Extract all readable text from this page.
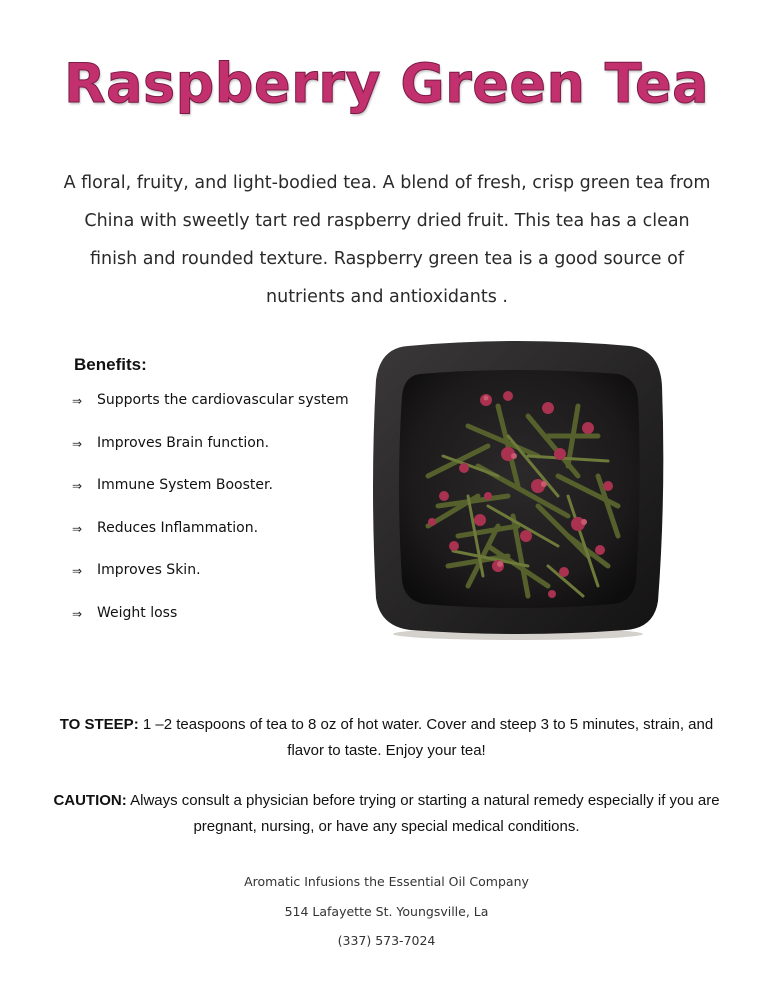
Raspberry Green Tea
A floral, fruity, and light-bodied tea. A blend of fresh, crisp green tea from China with sweetly tart red raspberry dried fruit. This tea has a clean finish and rounded texture. Raspberry green tea is a good source of nutrients and antioxidants .
Benefits:
⇒	Supports the cardiovascular system
⇒	Improves Brain function.
⇒	Immune System Booster.
⇒	Reduces Inflammation.
⇒	Improves Skin.
⇒	Weight loss
TO STEEP: 1 –2 teaspoons of tea to 8 oz of hot water. Cover and steep 3 to 5 minutes, strain, and flavor to taste. Enjoy your tea!
CAUTION: Always consult a physician before trying or starting a natural remedy especially if you are pregnant, nursing, or have any special medical conditions.
Aromatic Infusions the Essential Oil Company
514 Lafayette St. Youngsville, La
(337) 573-7024
